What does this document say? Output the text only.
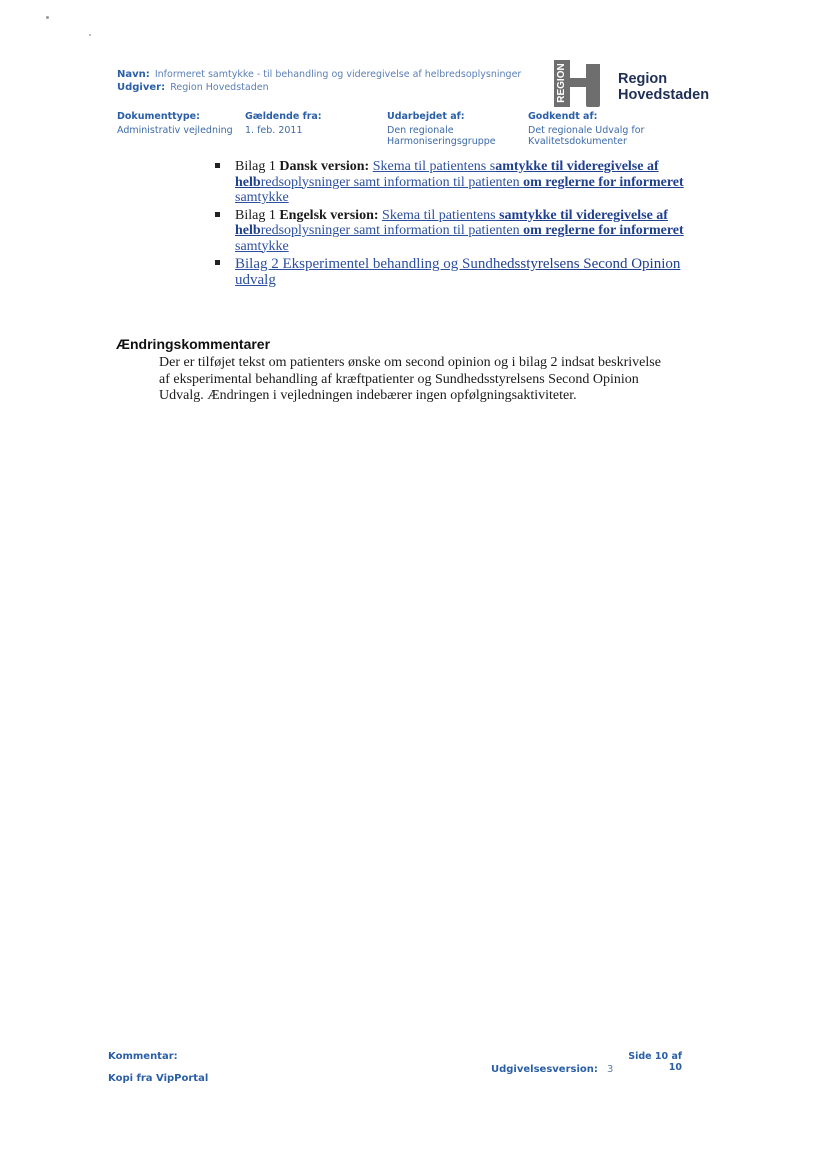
Navn: Informeret samtykke - til behandling og videregivelse af helbredsoplysninger
Udgiver: Region Hovedstaden	REGION	Region
Hovedstaden
Dokumenttype:
Administrativ vejledning
Gældende fra:
1. feb. 2011
Udarbejdet af:
Den regionale
Harmoniseringsgruppe
Godkendt af:
Det regionale Udvalg for
Kvalitetsdokumenter
Bilag 1 Dansk version: Skema til patientens samtykke til videregivelse af
helbredsoplysninger samt information til patienten om reglerne for informeret
samtykke
Bilag 1 Engelsk version: Skema til patientens samtykke til videregivelse af
helbredsoplysninger samt information til patienten om reglerne for informeret
samtykke
Bilag 2 Eksperimentel behandling og Sundhedsstyrelsens Second Opinion
udvalg
Ændringskommentarer
Der er tilføjet tekst om patienters ønske om second opinion og i bilag 2 indsat beskrivelse
af eksperimental behandling af kræftpatienter og Sundhedsstyrelsens Second Opinion
Udvalg. Ændringen i vejledningen indebærer ingen opfølgningsaktiviteter.
Kommentar:
Kopi fra VipPortal
Udgivelsesversion: 3
Side 10 af
10
